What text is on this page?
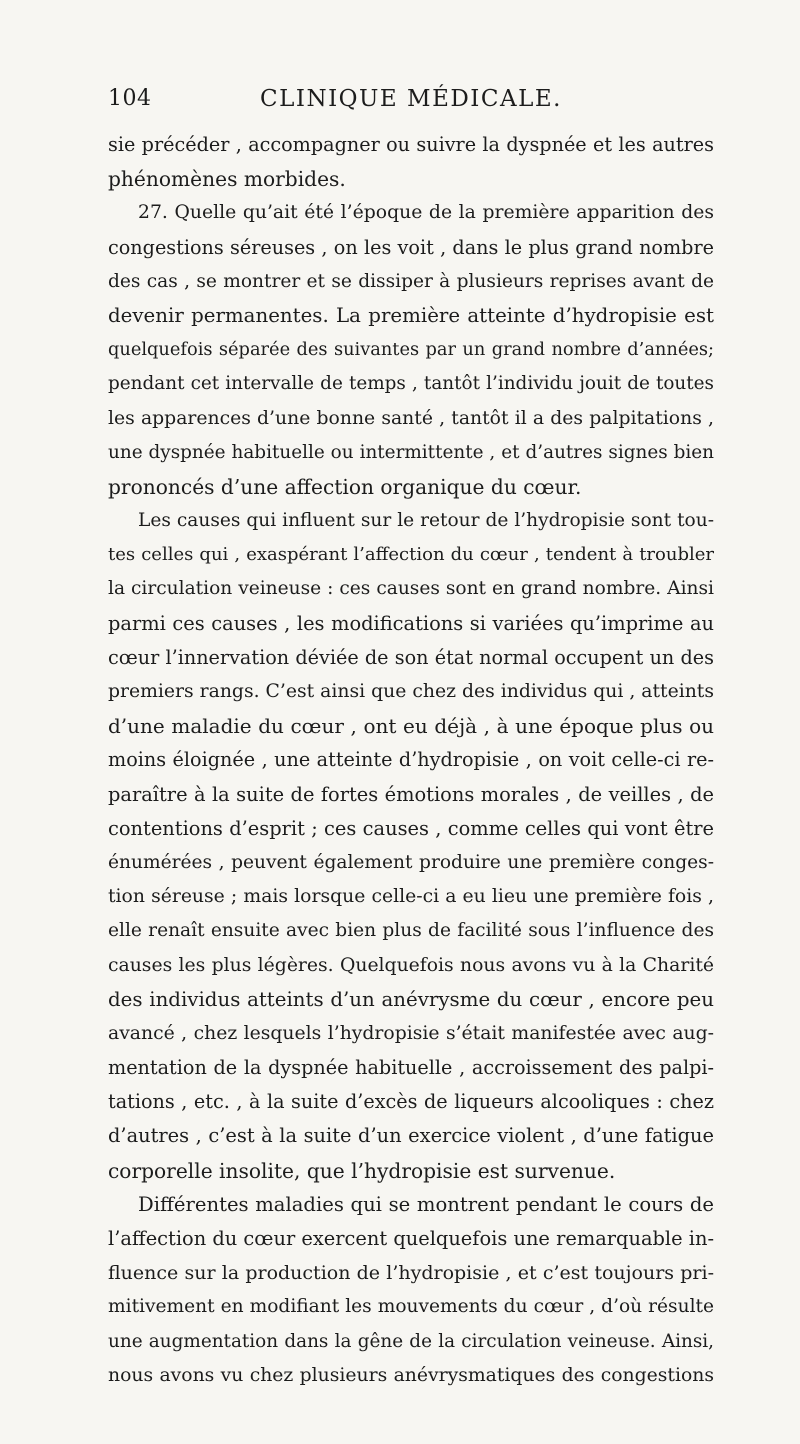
104	CLINIQUE MÉDICALE.
sie précéder , accompagner ou suivre la dyspnée et les autres
phénomènes morbides.
27. Quelle qu’ait été l’époque de la première apparition des
congestions séreuses , on les voit , dans le plus grand nombre
des cas , se montrer et se dissiper à plusieurs reprises avant de
devenir permanentes. La première atteinte d’hydropisie est
quelquefois séparée des suivantes par un grand nombre d’années;
pendant cet intervalle de temps , tantôt l’individu jouit de toutes
les apparences d’une bonne santé , tantôt il a des palpitations ,
une dyspnée habituelle ou intermittente , et d’autres signes bien
prononcés d’une affection organique du cœur.
Les causes qui influent sur le retour de l’hydropisie sont tou-
tes celles qui , exaspérant l’affection du cœur , tendent à troubler
la circulation veineuse : ces causes sont en grand nombre. Ainsi
parmi ces causes , les modifications si variées qu’imprime au
cœur l’innervation déviée de son état normal occupent un des
premiers rangs. C’est ainsi que chez des individus qui , atteints
d’une maladie du cœur , ont eu déjà , à une époque plus ou
moins éloignée , une atteinte d’hydropisie , on voit celle-ci re-
paraître à la suite de fortes émotions morales , de veilles , de
contentions d’esprit ; ces causes , comme celles qui vont être
énumérées , peuvent également produire une première conges-
tion séreuse ; mais lorsque celle-ci a eu lieu une première fois ,
elle renaît ensuite avec bien plus de facilité sous l’influence des
causes les plus légères. Quelquefois nous avons vu à la Charité
des individus atteints d’un anévrysme du cœur , encore peu
avancé , chez lesquels l’hydropisie s’était manifestée avec aug-
mentation de la dyspnée habituelle , accroissement des palpi-
tations , etc. , à la suite d’excès de liqueurs alcooliques : chez
d’autres , c’est à la suite d’un exercice violent , d’une fatigue
corporelle insolite, que l’hydropisie est survenue.
Différentes maladies qui se montrent pendant le cours de
l’affection du cœur exercent quelquefois une remarquable in-
fluence sur la production de l’hydropisie , et c’est toujours pri-
mitivement en modifiant les mouvements du cœur , d’où résulte
une augmentation dans la gêne de la circulation veineuse. Ainsi,
nous avons vu chez plusieurs anévrysmatiques des congestions
